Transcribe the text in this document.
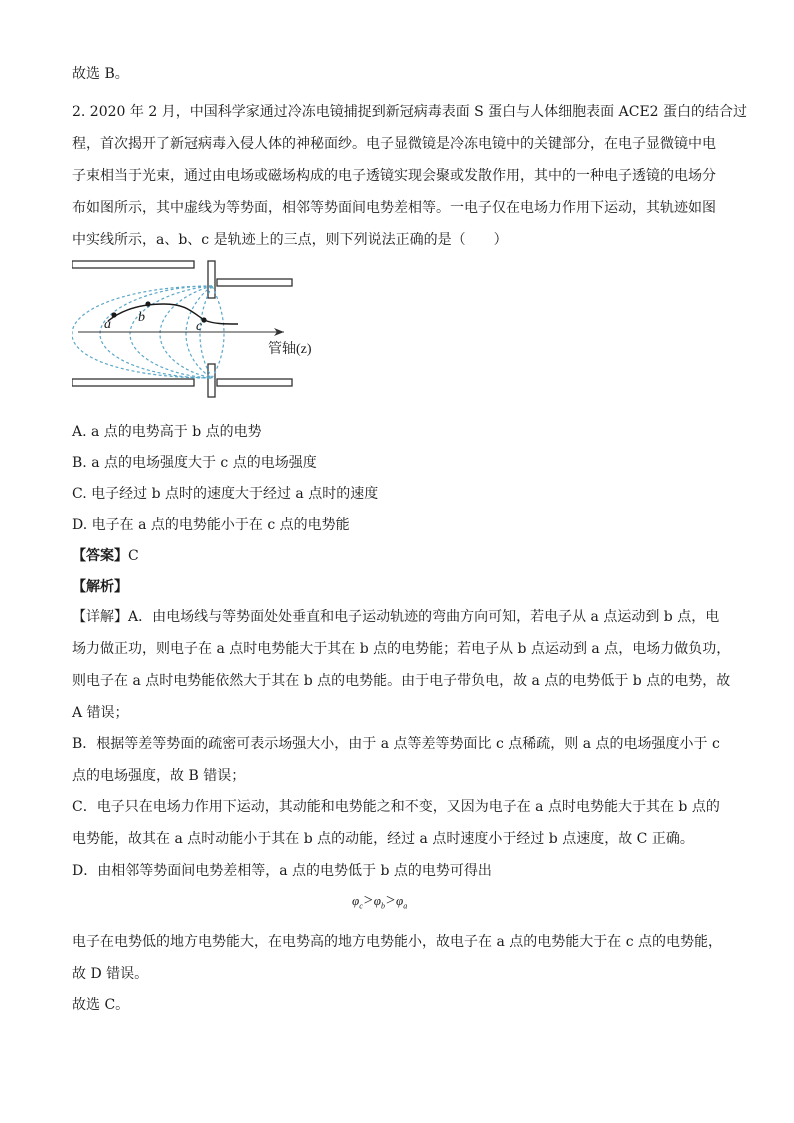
故选 B。
2. 2020 年 2 月，中国科学家通过冷冻电镜捕捉到新冠病毒表面 S 蛋白与人体细胞表面 ACE2 蛋白的结合过
程，首次揭开了新冠病毒入侵人体的神秘面纱。电子显微镜是冷冻电镜中的关键部分，在电子显微镜中电
子束相当于光束，通过由电场或磁场构成的电子透镜实现会聚或发散作用，其中的一种电子透镜的电场分
布如图所示，其中虚线为等势面，相邻等势面间电势差相等。一电子仅在电场力作用下运动，其轨迹如图
中实线所示，a、b、c 是轨迹上的三点，则下列说法正确的是（　　）
管轴(z)
a b
c
A. a 点的电势高于 b 点的电势
B. a 点的电场强度大于 c 点的电场强度
C. 电子经过 b 点时的速度大于经过 a 点时的速度
D. 电子在 a 点的电势能小于在 c 点的电势能
【答案】C
【解析】
【详解】A．由电场线与等势面处处垂直和电子运动轨迹的弯曲方向可知，若电子从 a 点运动到 b 点，电
场力做正功，则电子在 a 点时电势能大于其在 b 点的电势能；若电子从 b 点运动到 a 点，电场力做负功，
则电子在 a 点时电势能依然大于其在 b 点的电势能。由于电子带负电，故 a 点的电势低于 b 点的电势，故
A 错误；
B．根据等差等势面的疏密可表示场强大小，由于 a 点等差等势面比 c 点稀疏，则 a 点的电场强度小于 c
点的电场强度，故 B 错误；
C．电子只在电场力作用下运动，其动能和电势能之和不变，又因为电子在 a 点时电势能大于其在 b 点的
电势能，故其在 a 点时动能小于其在 b 点的动能，经过 a 点时速度小于经过 b 点速度，故 C 正确。
D．由相邻等势面间电势差相等，a 点的电势低于 b 点的电势可得出
$\varphi_c>\varphi_b>\varphi_a$
电子在电势低的地方电势能大，在电势高的地方电势能小，故电子在 a 点的电势能大于在 c 点的电势能，
故 D 错误。
故选 C。
